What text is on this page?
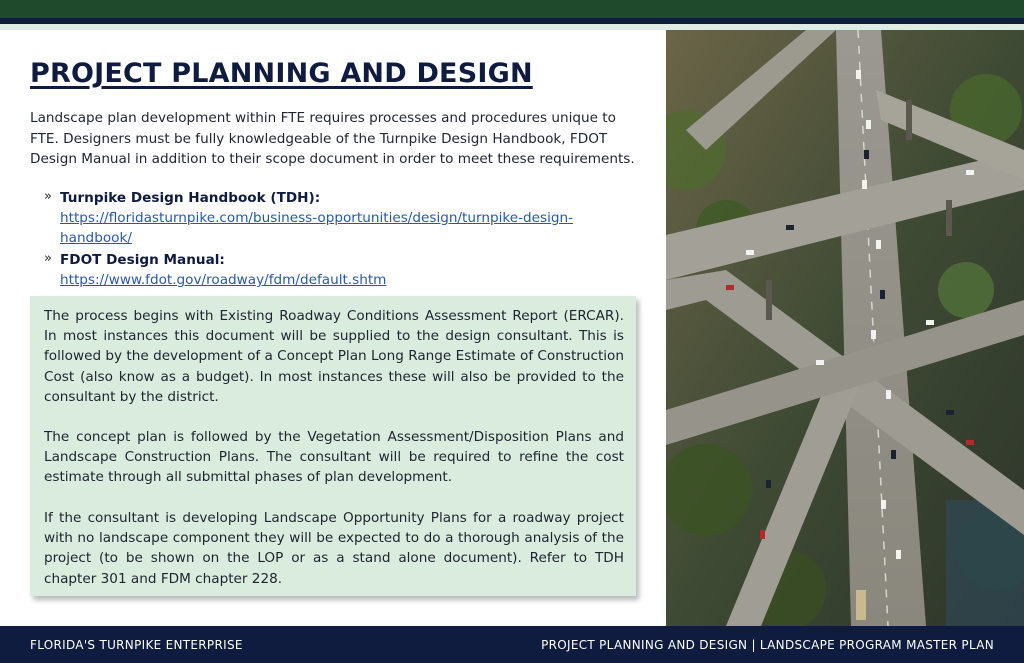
PROJECT PLANNING AND DESIGN

Landscape plan development within FTE requires processes and procedures unique to FTE. Designers must be fully knowledgeable of the Turnpike Design Handbook, FDOT Design Manual in addition to their scope document in order to meet these requirements.

» Turnpike Design Handbook (TDH):
https://floridasturnpike.com/business-opportunities/design/turnpike-design-handbook/
» FDOT Design Manual:
https://www.fdot.gov/roadway/fdm/default.shtm

The process begins with Existing Roadway Conditions Assessment Report (ERCAR). In most instances this document will be supplied to the design consultant. This is followed by the development of a Concept Plan Long Range Estimate of Construction Cost (also know as a budget). In most instances these will also be provided to the consultant by the district.

The concept plan is followed by the Vegetation Assessment/Disposition Plans and Landscape Construction Plans. The consultant will be required to refine the cost estimate through all submittal phases of plan development.

If the consultant is developing Landscape Opportunity Plans for a roadway project with no landscape component they will be expected to do a thorough analysis of the project (to be shown on the LOP or as a stand alone document). Refer to TDH chapter 301 and FDM chapter 228.

FLORIDA'S TURNPIKE ENTERPRISE	PROJECT PLANNING AND DESIGN | LANDSCAPE PROGRAM MASTER PLAN
